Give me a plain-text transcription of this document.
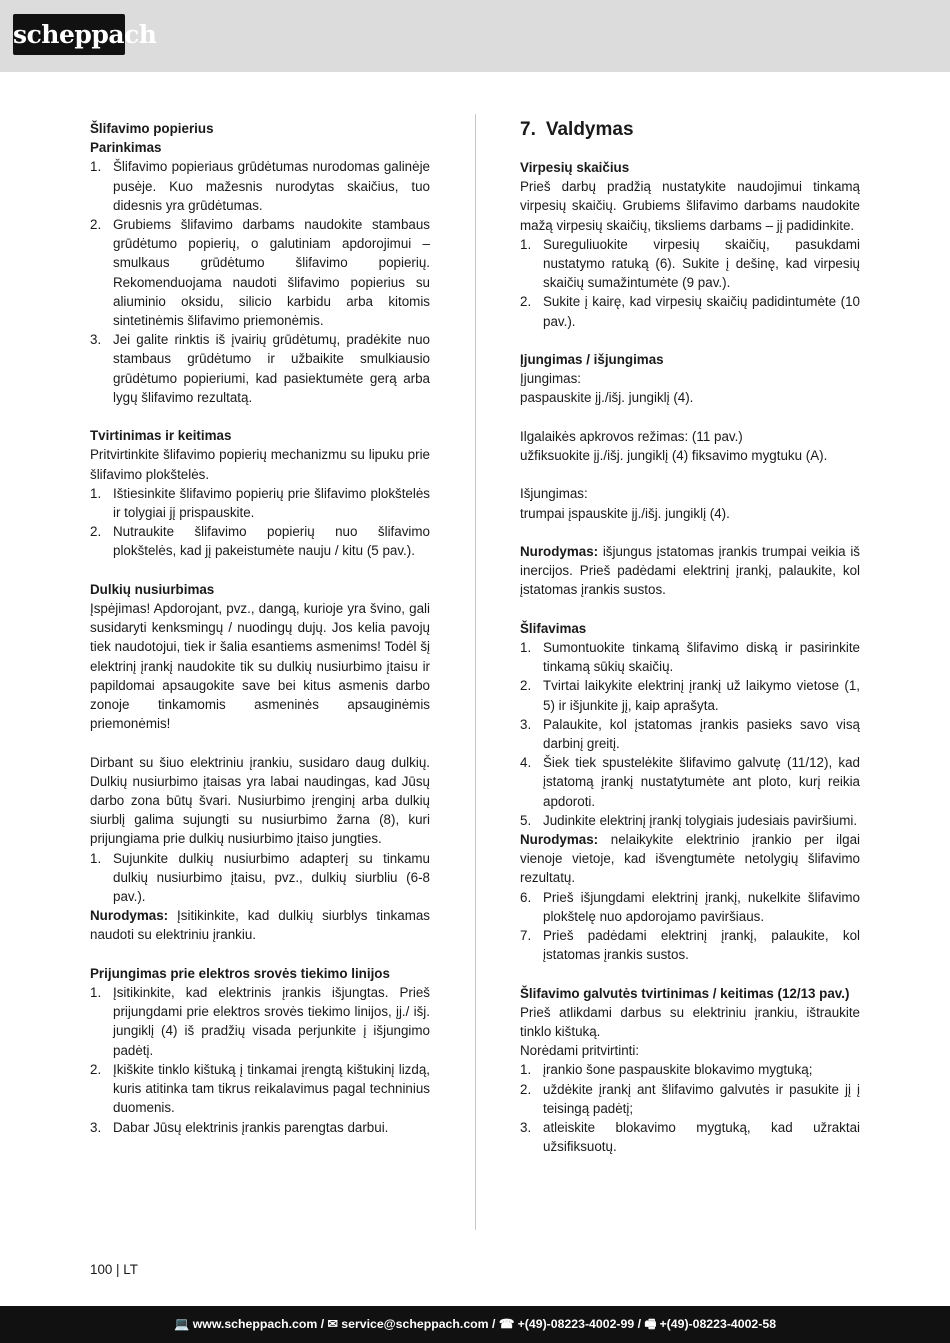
scheppach

Šlifavimo popierius

Parinkimas

1. Šlifavimo popieriaus grūdėtumas nurodomas galinėje pusėje. Kuo mažesnis nurodytas skaičius, tuo didesnis yra grūdėtumas.

2. Grubiems šlifavimo darbams naudokite stambaus grūdėtumo popierių, o galutiniam apdorojimui – smulkaus grūdėtumo šlifavimo popierių. Rekomenduojama naudoti šlifavimo popierius su aliuminio oksidu, silicio karbidu arba kitomis sintetinėmis šlifavimo priemonėmis.

3. Jei galite rinktis iš įvairių grūdėtumų, pradėkite nuo stambaus grūdėtumo ir užbaikite smulkiausio grūdėtumo popieriumi, kad pasiektumėte gerą arba lygų šlifavimo rezultatą.

Tvirtinimas ir keitimas

Pritvirtinkite šlifavimo popierių mechanizmu su lipuku prie šlifavimo plokštelės.

1. Ištiesinkite šlifavimo popierių prie šlifavimo plokštelės ir tolygiai jį prispauskite.

2. Nutraukite šlifavimo popierių nuo šlifavimo plokštelės, kad jį pakeistumėte nauju / kitu (5 pav.).

Dulkių nusiurbimas

Įspėjimas! Apdorojant, pvz., dangą, kurioje yra švino, gali susidaryti kenksmingų / nuodingų dujų. Jos kelia pavojų tiek naudotojui, tiek ir šalia esantiems asmenims! Todėl šį elektrinį įrankį naudokite tik su dulkių nusiurbimo įtaisu ir papildomai apsaugokite save bei kitus asmenis darbo zonoje tinkamomis asmeninės apsauginėmis priemonėmis!

Dirbant su šiuo elektriniu įrankiu, susidaro daug dulkių. Dulkių nusiurbimo įtaisas yra labai naudingas, kad Jūsų darbo zona būtų švari. Nusiurbimo įrenginį arba dulkių siurblį galima sujungti su nusiurbimo žarna (8), kuri prijungiama prie dulkių nusiurbimo įtaiso jungties.

1. Sujunkite dulkių nusiurbimo adapterį su tinkamu dulkių nusiurbimo įtaisu, pvz., dulkių siurbliu (6-8 pav.).

Nurodymas: Įsitikinkite, kad dulkių siurblys tinkamas naudoti su elektriniu įrankiu.

Prijungimas prie elektros srovės tiekimo linijos

1. Įsitikinkite, kad elektrinis įrankis išjungtas. Prieš prijungdami prie elektros srovės tiekimo linijos, įj./ išj. jungiklį (4) iš pradžių visada perjunkite į išjungimo padėtį.

2. Įkiškite tinklo kištuką į tinkamai įrengtą kištukinį lizdą, kuris atitinka tam tikrus reikalavimus pagal techninius duomenis.

3. Dabar Jūsų elektrinis įrankis parengtas darbui.

7. Valdymas

Virpesių skaičius

Prieš darbų pradžią nustatykite naudojimui tinkamą virpesių skaičių. Grubiems šlifavimo darbams naudokite mažą virpesių skaičių, tiksliems darbams – jį padidinkite.

1. Sureguliuokite virpesių skaičių, pasukdami nustatymo ratuką (6). Sukite į dešinę, kad virpesių skaičių sumažintumėte (9 pav.).

2. Sukite į kairę, kad virpesių skaičių padidintumėte (10 pav.).

Įjungimas / išjungimas

Įjungimas:

paspauskite įj./išj. jungiklį (4).

Ilgalaikės apkrovos režimas: (11 pav.)

užfiksuokite įj./išj. jungiklį (4) fiksavimo mygtuku (A).

Išjungimas:

trumpai įspauskite įj./išj. jungiklį (4).

Nurodymas: išjungus įstatomas įrankis trumpai veikia iš inercijos. Prieš padėdami elektrinį įrankį, palaukite, kol įstatomas įrankis sustos.

Šlifavimas

1. Sumontuokite tinkamą šlifavimo diską ir pasirinkite tinkamą sūkių skaičių.

2. Tvirtai laikykite elektrinį įrankį už laikymo vietose (1, 5) ir išjunkite jį, kaip aprašyta.

3. Palaukite, kol įstatomas įrankis pasieks savo visą darbinį greitį.

4. Šiek tiek spustelėkite šlifavimo galvutę (11/12), kad įstatomą įrankį nustatytumėte ant ploto, kurį reikia apdoroti.

5. Judinkite elektrinį įrankį tolygiais judesiais paviršiumi.

Nurodymas: nelaikykite elektrinio įrankio per ilgai vienoje vietoje, kad išvengtumėte netolygių šlifavimo rezultatų.

6. Prieš išjungdami elektrinį įrankį, nukelkite šlifavimo plokštelę nuo apdorojamo paviršiaus.

7. Prieš padėdami elektrinį įrankį, palaukite, kol įstatomas įrankis sustos.

Šlifavimo galvutės tvirtinimas / keitimas (12/13 pav.)

Prieš atlikdami darbus su elektriniu įrankiu, ištraukite tinklo kištuką.

Norėdami pritvirtinti:

1. įrankio šone paspauskite blokavimo mygtuką;

2. uždėkite įrankį ant šlifavimo galvutės ir pasukite jį į teisingą padėtį;

3. atleiskite blokavimo mygtuką, kad užraktai užsifiksuotų.

100 | LT
💻 www.scheppach.com / ✉ service@scheppach.com / ☎ +(49)-08223-4002-99 / 🖷 +(49)-08223-4002-58
